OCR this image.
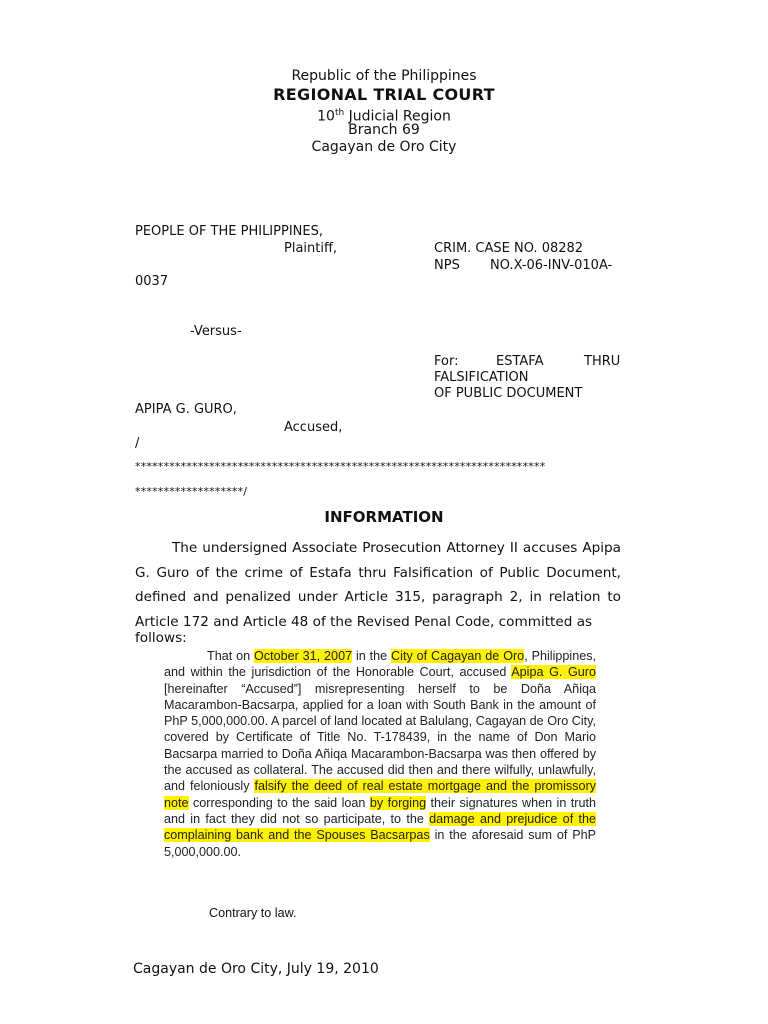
Republic of the Philippines
REGIONAL TRIAL COURT
10th Judicial Region
Branch 69
Cagayan de Oro City
PEOPLE OF THE PHILIPPINES,
Plaintiff,	CRIM. CASE NO. 08282
NPS NO.X-06-INV-010A-
0037
-Versus-
For:	ESTAFA	THRU
FALSIFICATION
OF PUBLIC DOCUMENT
APIPA G. GURO,
Accused,
/
************************************************************************
*******************/
INFORMATION
The undersigned Associate Prosecution Attorney II accuses Apipa G. Guro of the crime of Estafa thru Falsification of Public Document, defined and penalized under Article 315, paragraph 2, in relation to Article 172 and Article 48 of the Revised Penal Code, committed as
follows:
That on October 31, 2007 in the City of Cagayan de Oro, Philippines, and within the jurisdiction of the Honorable Court, accused Apipa G. Guro [hereinafter “Accused”] misrepresenting herself to be Doña Añiqa Macarambon-Bacsarpa, applied for a loan with South Bank in the amount of PhP 5,000,000.00. A parcel of land located at Balulang, Cagayan de Oro City, covered by Certificate of Title No. T-178439, in the name of Don Mario Bacsarpa married to Doña Añiqa Macarambon-Bacsarpa was then offered by the accused as collateral. The accused did then and there wilfully, unlawfully, and feloniously falsify the deed of real estate mortgage and the promissory note corresponding to the said loan by forging their signatures when in truth and in fact they did not so participate, to the damage and prejudice of the complaining bank and the Spouses Bacsarpas in the aforesaid sum of PhP 5,000,000.00.
Contrary to law.
Cagayan de Oro City, July 19, 2010
